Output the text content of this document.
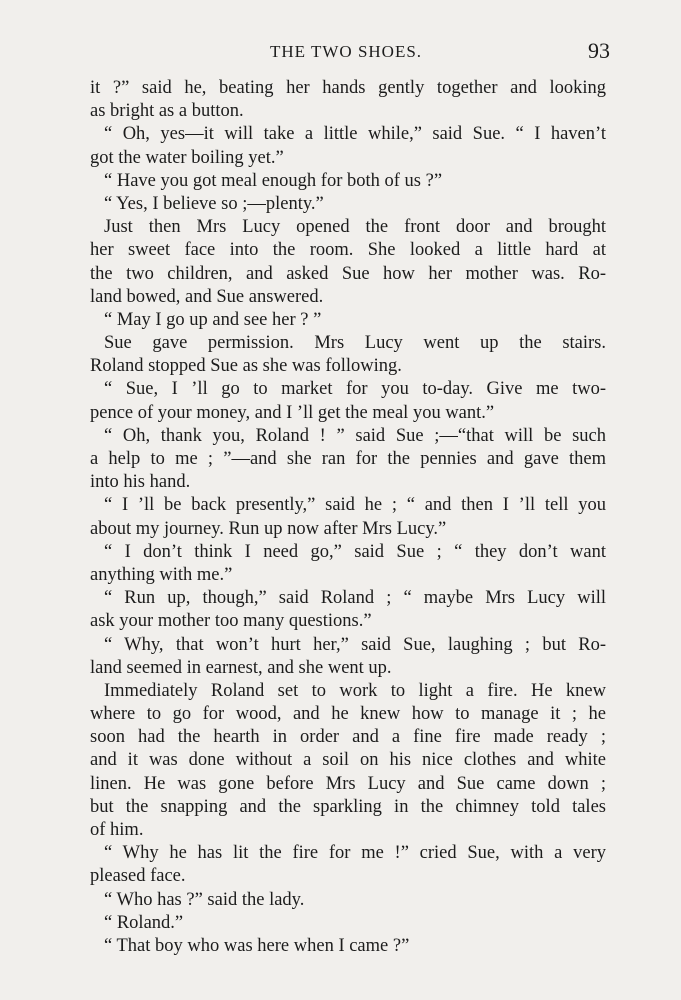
THE TWO SHOES.	93
it ?” said he, beating her hands gently together and looking
as bright as a button.
“ Oh, yes—it will take a little while,” said Sue. “ I haven’t
got the water boiling yet.”
“ Have you got meal enough for both of us ?”
“ Yes, I believe so ;—plenty.”
Just then Mrs Lucy opened the front door and brought
her sweet face into the room. She looked a little hard at
the two children, and asked Sue how her mother was. Ro-
land bowed, and Sue answered.
“ May I go up and see her ? ”
Sue gave permission. Mrs Lucy went up the stairs.
Roland stopped Sue as she was following.
“ Sue, I ’ll go to market for you to-day. Give me two-
pence of your money, and I ’ll get the meal you want.”
“ Oh, thank you, Roland ! ” said Sue ;—“that will be such
a help to me ; ”—and she ran for the pennies and gave them
into his hand.
“ I ’ll be back presently,” said he ; “ and then I ’ll tell you
about my journey. Run up now after Mrs Lucy.”
“ I don’t think I need go,” said Sue ; “ they don’t want
anything with me.”
“ Run up, though,” said Roland ; “ maybe Mrs Lucy will
ask your mother too many questions.”
“ Why, that won’t hurt her,” said Sue, laughing ; but Ro-
land seemed in earnest, and she went up.
Immediately Roland set to work to light a fire. He knew
where to go for wood, and he knew how to manage it ; he
soon had the hearth in order and a fine fire made ready ;
and it was done without a soil on his nice clothes and white
linen. He was gone before Mrs Lucy and Sue came down ;
but the snapping and the sparkling in the chimney told tales
of him.
“ Why he has lit the fire for me !” cried Sue, with a very
pleased face.
“ Who has ?” said the lady.
“ Roland.”
“ That boy who was here when I came ?”
